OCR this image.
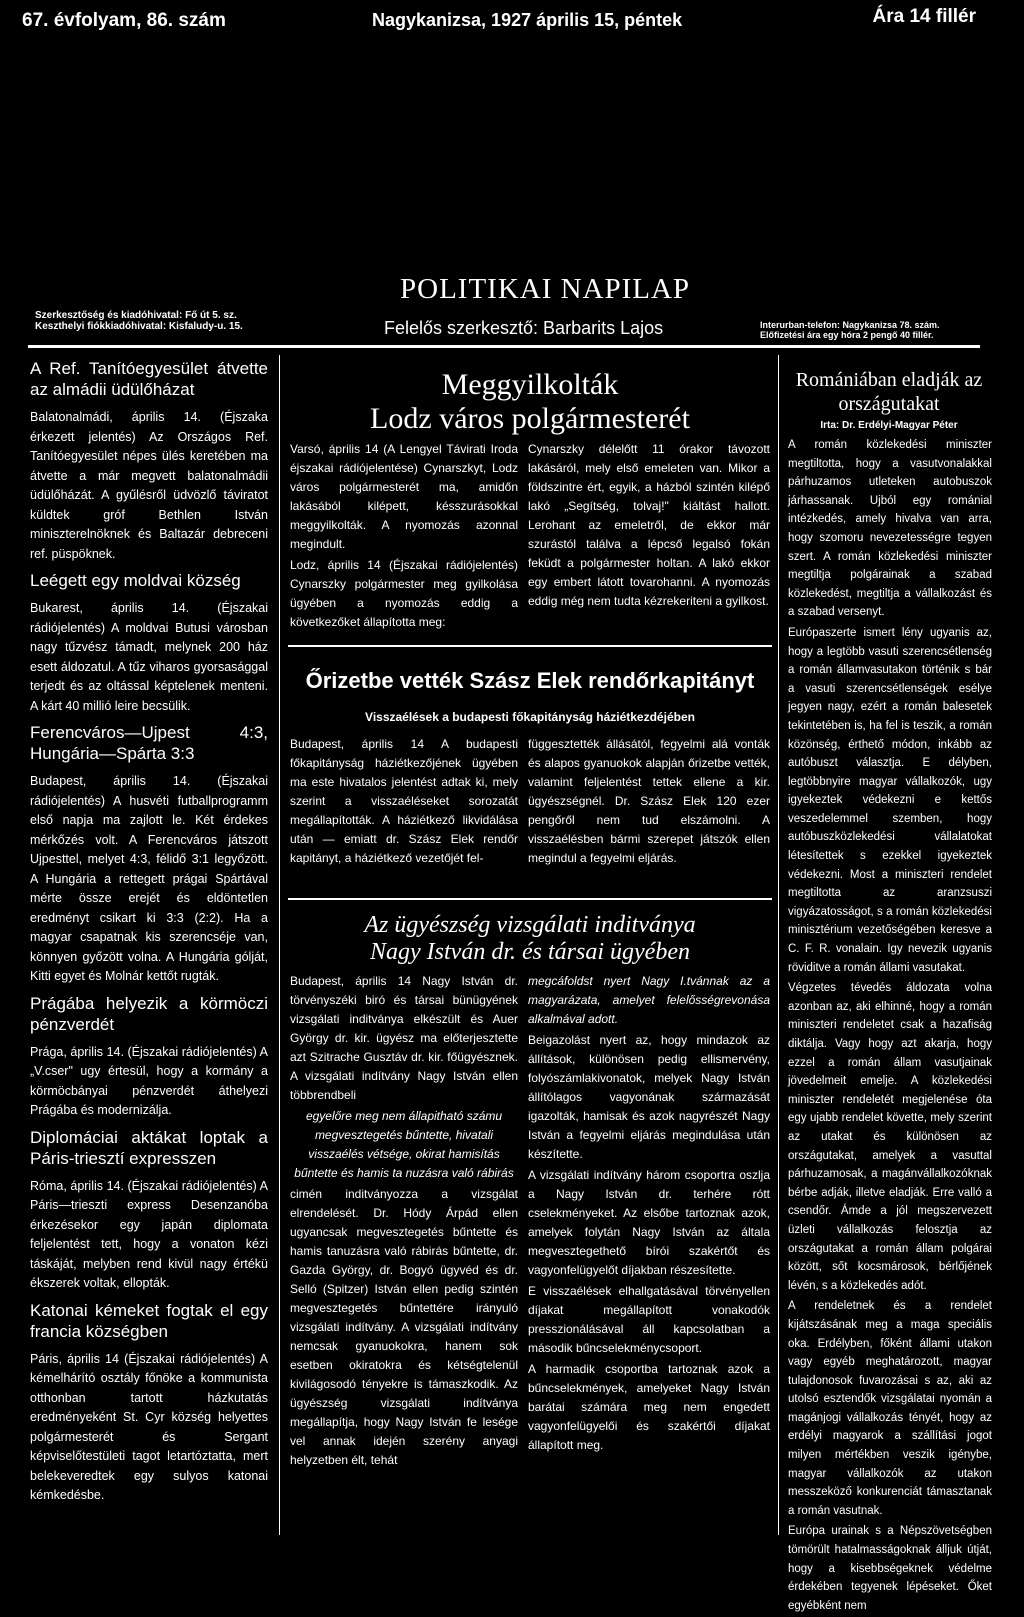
67. évfolyam, 86. szám	Nagykanizsa, 1927 április 15, péntek	Ára 14 fillér
POLITIKAI NAPILAP
Szerkesztőség és kiadóhivatal: Fő út 5. sz.
Keszthelyi fiókkiadóhivatal: Kisfaludy-u. 15.	Felelős szerkesztő: Barbarits Lajos	Interurban-telefon: Nagykanizsa 78. szám.
Előfizetési ára egy hóra 2 pengő 40 fillér.
A Ref. Tanítóegyesület átvette az almádii üdülőházat

Balatonalmádi, április 14. (Éjszaka érkezett jelentés) Az Országos Ref. Tanítóegyesület népes ülés keretében ma átvette a már megvett balatonalmádii üdülőházát. A gyűlésről üdvözlő táviratot küldtek gróf Bethlen István miniszterelnöknek és Baltazár debreceni ref. püspöknek.

Leégett egy moldvai község

Bukarest, április 14. (Éjszakai rádiójelentés) A moldvai Butusi városban nagy tűzvész támadt, melynek 200 ház esett áldozatul. A tűz viharos gyorsasággal terjedt és az oltással képtelenek menteni. A kárt 40 millió leire becsülik.

Ferencváros—Ujpest 4:3, Hungária—Spárta 3:3

Budapest, április 14. (Éjszakai rádiójelentés) A husvéti futballprogramm első napja ma zajlott le. Két érdekes mérkőzés volt. A Ferencváros játszott Ujpesttel, melyet 4:3, félidő 3:1 legyőzött. A Hungária a rettegett prágai Spártával mérte össze erejét és eldöntetlen eredményt csikart ki 3:3 (2:2). Ha a magyar csapatnak kis szerencséje van, könnyen győzött volna. A Hungária gólját, Kitti egyet és Molnár kettőt rugták.

Prágába helyezik a körmöczi pénzverdét

Prága, április 14. (Éjszakai rádiójelentés) A „V.cser" ugy értesül, hogy a kormány a körmöcbányai pénzverdét áthelyezi Prágába és modernizálja.

Diplomáciai aktákat loptak a Páris-triesztí expresszen

Róma, április 14. (Éjszakai rádiójelentés) A Páris—trieszti express Desenzanóba érkezésekor egy japán diplomata feljelentést tett, hogy a vonaton kézi táskáját, melyben rend kivül nagy értékü ékszerek voltak, ellopták.

Katonai kémeket fogtak el egy francia községben

Páris, április 14 (Éjszakai rádiójelentés) A kémelhárító osztály főnöke a kommunista otthonban tartott házkutatás eredményeként St. Cyr község helyettes polgármesterét és Sergant képviselőtestületi tagot letartóztatta, mert belekeveredtek egy sulyos katonai kémkedésbe.

Meggyilkolták
Lodz város polgármesterét

Varsó, április 14 (A Lengyel Távirati Iroda éjszakai rádiójelentése) Cynarszkyt, Lodz város polgármesterét ma, amidőn lakásából kilépett, késszurásokkal meggyilkolták. A nyomozás azonnal megindult.

Lodz, április 14 (Éjszakai rádiójelentés) Cynarszky polgármester meg gyilkolása ügyében a nyomozás eddig a következőket állapította meg:

Cynarszky délelőtt 11 órakor távozott lakásáról, mely első emeleten van. Mikor a földszintre ért, egyik, a házból szintén kilépő lakó „Segítség, tolvaj!" kiáltást hallott. Lerohant az emeletről, de ekkor már szurástól találva a lépcső legalsó fokán feküdt a polgármester holtan. A lakó ekkor egy embert látott tovarohanni. A nyomozás eddig még nem tudta kézrekeriteni a gyilkost.

Őrizetbe vették Szász Elek rendőrkapitányt
Visszaélések a budapesti főkapitányság háziétkezdéjében

Budapest, április 14 A budapesti főkapitányság háziétkezőjének ügyében ma este hivatalos jelentést adtak ki, mely szerint a visszaéléseket sorozatát megállapították. A háziétkező likvidálása után — emiatt dr. Szász Elek rendőr kapitányt, a háziétkező vezetőjét fel-

függesztették állásától, fegyelmi alá vonták és alapos gyanuokok alapján őrizetbe vették, valamint feljelentést tettek ellene a kir. ügyészségnél. Dr. Szász Elek 120 ezer pengőről nem tud elszámolni. A visszaélésben bármi szerepet játszók ellen megindul a fegyelmi eljárás.

Az ügyészség vizsgálati inditványa
Nagy István dr. és társai ügyében

Budapest, április 14 Nagy István dr. törvényszéki biró és társai bünügyének vizsgálati inditványa elkészült és Auer György dr. kir. ügyész ma előterjesztette azt Szitrache Gusztáv dr. kir. főügyésznek. A vizsgálati indítvány Nagy István ellen többrendbeli

egyelőre meg nem állapitható számu megvesztegetés bűntette, hivatali visszaélés vétsége, okirat hamisítás bűntette és hamis ta nuzásra való rábirás

cimén inditványozza a vizsgálat elrendelését. Dr. Hódy Árpád ellen ugyancsak megvesztegetés bűntette és hamis tanuzásra való rábirás bűntette, dr. Gazda György, dr. Bogyó ügyvéd és dr. Selló (Spitzer) István ellen pedig szintén megvesztegetés bűntettére irányuló vizsgálati indítvány. A vizsgálati indítvány nemcsak gyanuokokra, hanem sok esetben okiratokra és kétségtelenül kivilágosodó tényekre is támaszkodik. Az ügyészség vizsgálati indítványa megállapítja, hogy Nagy István fe lesége vel annak idején szerény anyagi helyzetben élt, tehát

megcáfoldst nyert Nagy I.tvánnak az a magyarázata, amelyet felelősségrevonása alkalmával adott.

Beigazolást nyert az, hogy mindazok az állítások, különösen pedig ellismervény, folyószámlakivonatok, melyek Nagy István állítólagos vagyonának származását igazolták, hamisak és azok nagyrészét Nagy István a fegyelmi eljárás megindulása után készítette.

A vizsgálati indítvány három csoportra oszlja a Nagy István dr. terhére rótt cselekményeket. Az elsőbe tartoznak azok, amelyek folytán Nagy István az általa megvesztegethető bírói szakértőt és vagyonfelügyelőt díjakban részesítette.

E visszaélések elhallgatásával törvényellen díjakat megállapított vonakodók presszionálásával áll kapcsolatban a második bűncselekménycsoport.

A harmadik csoportba tartoznak azok a bűncselekmények, amelyeket Nagy István barátai számára meg nem engedett vagyonfelügyelői és szakértői díjakat állapított meg.

Romániában eladják az országutakat
Irta: Dr. Erdélyi-Magyar Péter

A román közlekedési miniszter megtiltotta, hogy a vasutvonalakkal párhuzamos utleteken autobuszok járhassanak. Ujból egy románial intézkedés, amely hivalva van arra, hogy szomoru nevezetességre tegyen szert. A román közlekedési miniszter megtiltja polgárainak a szabad közlekedést, megtiltja a vállalkozást és a szabad versenyt.

Európaszerte ismert lény ugyanis az, hogy a legtöbb vasuti szerencsétlenség a román államvasutakon történik s bár a vasuti szerencsétlenségek esélye jegyen nagy, ezért a román balesetek tekintetében is, ha fel is teszik, a román közönség, érthető módon, inkább az autóbuszt választja. E délyben, legtöbbnyire magyar vállalkozók, ugy igyekeztek védekezni e kettős veszedelemmel szemben, hogy autóbuszközlekedési vállalatokat létesítettek s ezekkel igyekeztek védekezni. Most a miniszteri rendelet megtiltotta az aranzsuszi vigyázatosságot, s a román közlekedési minisztérium vezetőségében keresve a C. F. R. vonalain. Igy nevezik ugyanis röviditve a román állami vasutakat.

Végzetes tévedés áldozata volna azonban az, aki elhinné, hogy a román miniszteri rendeletet csak a hazafiság diktálja. Vagy hogy azt akarja, hogy ezzel a román állam vasutjainak jövedelmeit emelje. A közlekedési miniszter rendeletét megjelenése óta egy ujabb rendelet követte, mely szerint az utakat és különösen az országutakat, amelyek a vasuttal párhuzamosak, a magánvállalkozóknak bérbe adják, illetve eladják. Erre valló a csendőr. Ámde a jól megszervezett üzleti vállalkozás felosztja az országutakat a román állam polgárai között, sőt kocsmárosok, bérlőjének lévén, s a közlekedés adót.

A rendeletnek és a rendelet kijátszásának meg a maga speciális oka. Erdélyben, főként állami utakon vagy egyéb meghatározott, magyar tulajdonosok fuvarozásai s az, aki az utolsó esztendők vizsgálatai nyomán a magánjogi vállalkozás tényét, hogy az erdélyi magyarok a szállítási jogot milyen mértékben veszik igénybe, magyar vállalkozók az utakon messzeköző konkurenciát támasztanak a román vasutnak.

Európa urainak s a Népszövetségben tömörült hatalmasságoknak álljuk útját, hogy a kisebbségeknek védelme érdekében tegyenek lépéseket. Őket egyébként nem
